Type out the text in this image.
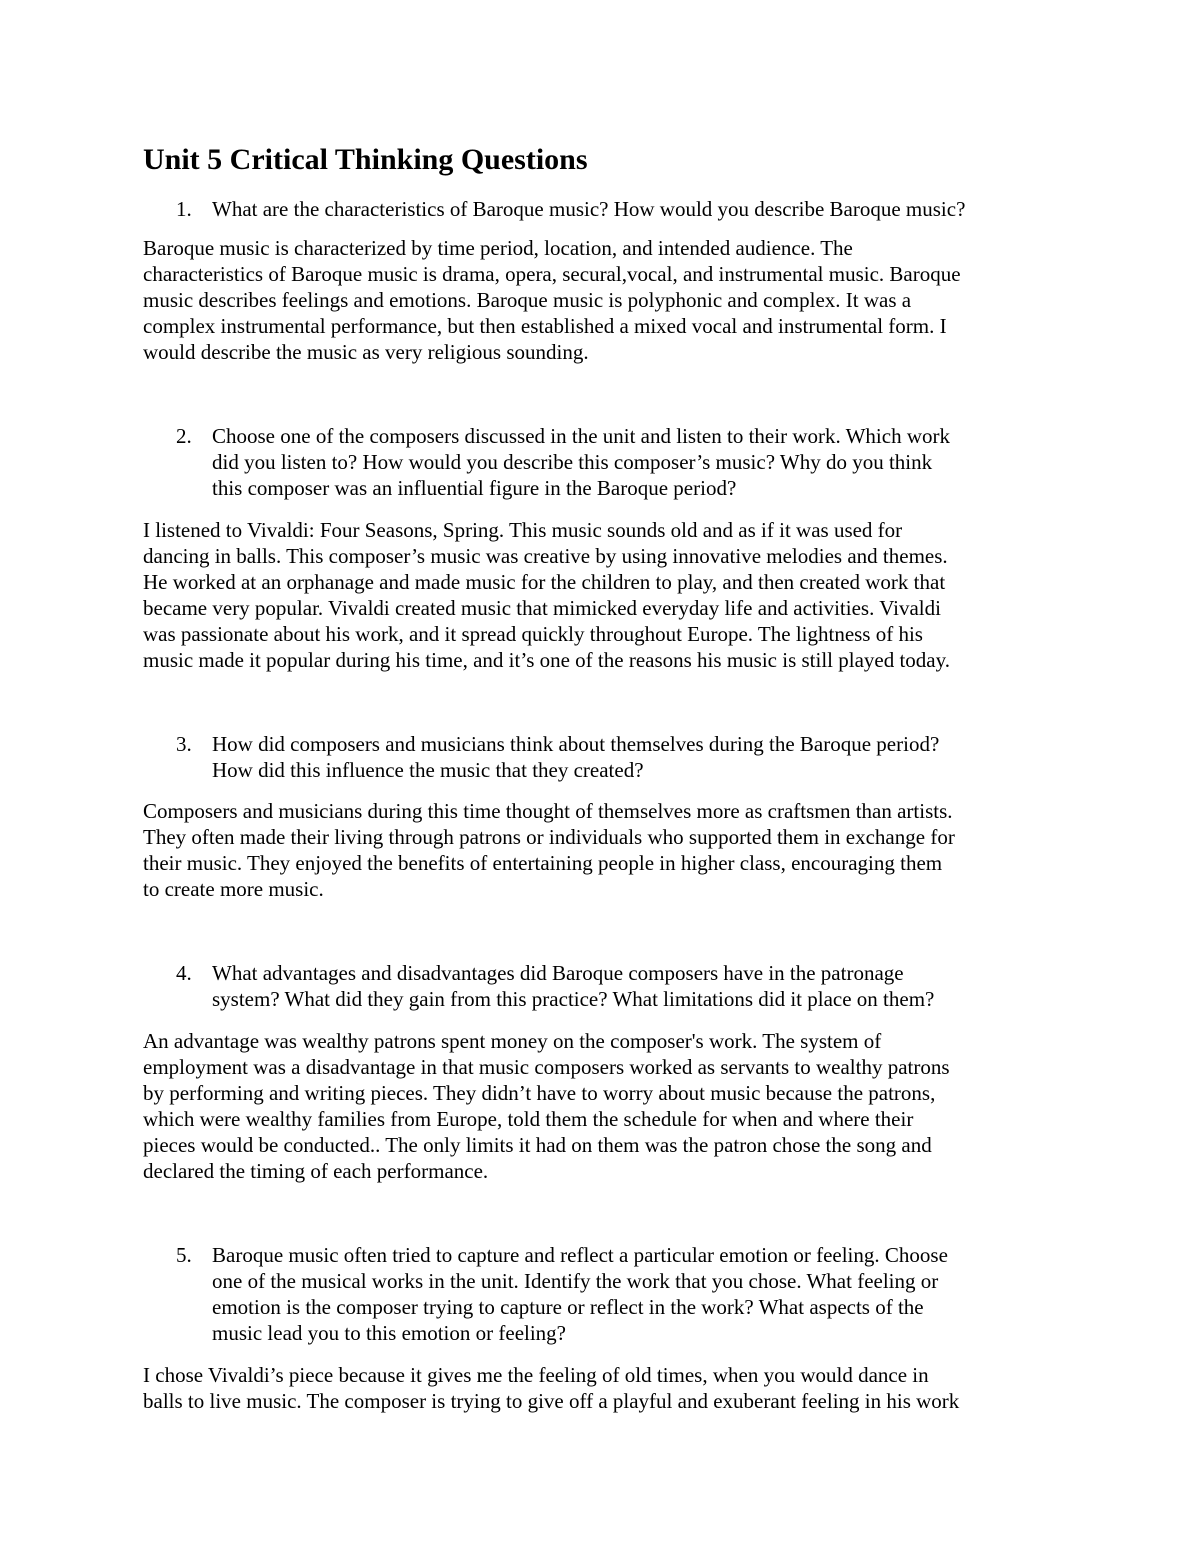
Unit 5 Critical Thinking Questions
1. What are the characteristics of Baroque music? How would you describe Baroque music?

Baroque music is characterized by time period, location, and intended audience. The
characteristics of Baroque music is drama, opera, secural,vocal, and instrumental music. Baroque
music describes feelings and emotions. Baroque music is polyphonic and complex. It was a
complex instrumental performance, but then established a mixed vocal and instrumental form. I
would describe the music as very religious sounding.

2. Choose one of the composers discussed in the unit and listen to their work. Which work
did you listen to? How would you describe this composer’s music? Why do you think
this composer was an influential figure in the Baroque period?

I listened to Vivaldi: Four Seasons, Spring. This music sounds old and as if it was used for
dancing in balls. This composer’s music was creative by using innovative melodies and themes.
He worked at an orphanage and made music for the children to play, and then created work that
became very popular. Vivaldi created music that mimicked everyday life and activities. Vivaldi
was passionate about his work, and it spread quickly throughout Europe. The lightness of his
music made it popular during his time, and it’s one of the reasons his music is still played today.

3. How did composers and musicians think about themselves during the Baroque period?
How did this influence the music that they created?

Composers and musicians during this time thought of themselves more as craftsmen than artists.
They often made their living through patrons or individuals who supported them in exchange for
their music. They enjoyed the benefits of entertaining people in higher class, encouraging them
to create more music.

4. What advantages and disadvantages did Baroque composers have in the patronage
system? What did they gain from this practice? What limitations did it place on them?

An advantage was wealthy patrons spent money on the composer's work. The system of
employment was a disadvantage in that music composers worked as servants to wealthy patrons
by performing and writing pieces. They didn’t have to worry about music because the patrons,
which were wealthy families from Europe, told them the schedule for when and where their
pieces would be conducted.. The only limits it had on them was the patron chose the song and
declared the timing of each performance.

5. Baroque music often tried to capture and reflect a particular emotion or feeling. Choose
one of the musical works in the unit. Identify the work that you chose. What feeling or
emotion is the composer trying to capture or reflect in the work? What aspects of the
music lead you to this emotion or feeling?

I chose Vivaldi’s piece because it gives me the feeling of old times, when you would dance in
balls to live music. The composer is trying to give off a playful and exuberant feeling in his work
